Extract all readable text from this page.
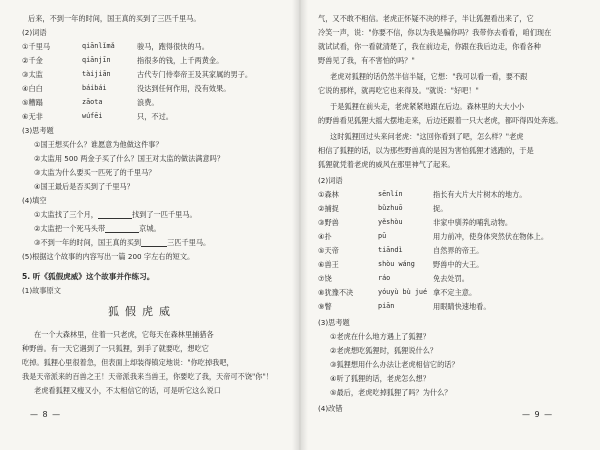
后来，不到一年的时间，国王真的买到了三匹千里马。
(2)词语
①千里马	qiānlǐmǎ	骏马，跑得很快的马。
②千金	qiānjīn	指很多的钱，上千两黄金。
③太监	tàijiān	古代专门侍奉帝王及其家属的男子。
④白白	báibái	没达到任何作用，没有效果。
⑤糟蹋	zāota	浪费。
⑥无非	wúfēi	只，不过。
(3)思考题
①国王想买什么？谁愿意为他做这件事？
②太监用 500 两金子买了什么？国王对太监的做法满意吗？
③太监为什么要买一匹死了的千里马？
④国王最后是否买到了千里马？
(4)填空
①太监找了三个月，	找到了一匹千里马。
②太监把一个死马头带	京城。
③不到一年的时间，国王真的买到	三匹千里马。
(5)根据这个故事的内容写出一篇 200 字左右的短文。
5. 听《狐假虎威》这个故事并作练习。
(1)故事原文
狐假虎威
在一个大森林里，住着一只老虎，它每天在森林里捕猎各
种野兽。有一天它遇到了一只狐狸，到手了就要吃，想吃它
吃掉。狐狸心里很着急，但表面上却装得镇定地说："你吃掉我吧，
我是天帝派来的百兽之王！天帝派我来当兽王，你要吃了我，天帝可不饶"你"！
老虎看狐狸又瘦又小，不太相信它的话，可是听它这么说口
— 8 —
气，又不敢不相信。老虎正怀疑不决的样子，半让狐狸看出来了，它
冷笑一声，说："你要不信，你以为我是骗你吗？我带你去看看，咱们现在
就试试看，你一看就清楚了，我在前边走，你跟在我后边走，你看各种
野兽见了我，有不害怕的吗？"
老虎对狐狸的话仍然半信半疑，它想："我可以看一看，要不跟
它说的那样，就再吃它也来得及。"就说："好吧！"
于是狐狸在前头走，老虎紧紧地跟在后边。森林里的大大小小
的野兽看见狐狸大摇大摆地走来，后边还跟着一只大老虎，都吓得四处奔逃。
这时狐狸回过头来问老虎："这回你看到了吧，怎么样？"老虎
相信了狐狸的话，以为那些野兽真的是因为害怕狐狸才逃跑的，于是
狐狸就凭着老虎的威风在那里神气了起来。
(2)词语
①森林	sēnlín	指长有大片大片树木的地方。
②捕捉	bǔzhuō	捉。
③野兽	yěshòu	非家中驯养的哺乳动物。
④扑	pū	用力前冲，使身体突然伏在物体上。
⑤天帝	tiāndì	自然界的帝王。
⑥兽王	shòu wáng	野兽中的大王。
⑦饶	ráo	免去处罚。
⑧犹豫不决	yóuyù bù jué 拿不定主意。
⑨瞥	piān	用眼睛快速地看。
(3)思考题
①老虎在什么地方遇上了狐狸？
②老虎想吃狐狸时，狐狸说什么？
③狐狸想用什么办法让老虎相信它的话？
④听了狐狸的话，老虎怎么想？
⑤最后，老虎吃掉狐狸了吗？为什么？
(4)改错
— 9 —
